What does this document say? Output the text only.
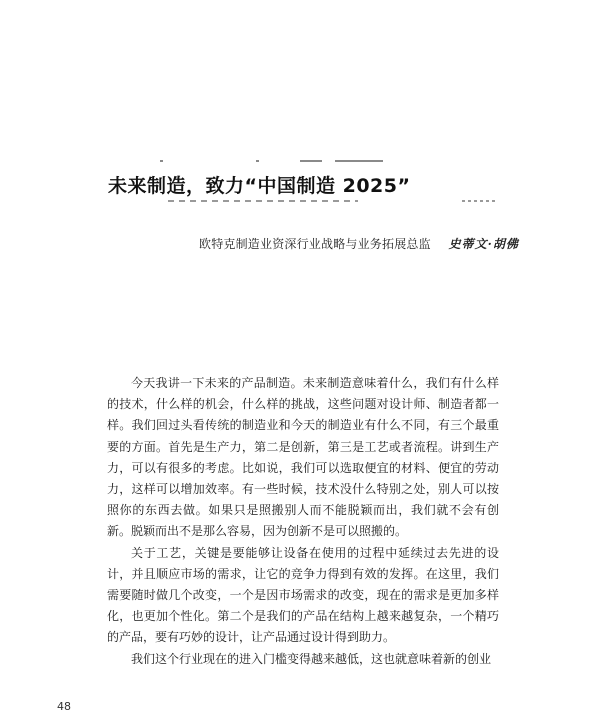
未来制造，致力“中国制造 2025”
欧特克制造业资深行业战略与业务拓展总监 史蒂文·胡佛

今天我讲一下未来的产品制造。未来制造意味着什么，我们有什么样的技术，什么样的机会，什么样的挑战，这些问题对设计师、制造者都一样。我们回过头看传统的制造业和今天的制造业有什么不同，有三个最重要的方面。首先是生产力，第二是创新，第三是工艺或者流程。讲到生产力，可以有很多的考虑。比如说，我们可以选取便宜的材料、便宜的劳动力，这样可以增加效率。有一些时候，技术没什么特别之处，别人可以按照你的东西去做。如果只是照搬别人而不能脱颖而出，我们就不会有创新。脱颖而出不是那么容易，因为创新不是可以照搬的。

关于工艺，关键是要能够让设备在使用的过程中延续过去先进的设计，并且顺应市场的需求，让它的竞争力得到有效的发挥。在这里，我们需要随时做几个改变，一个是因市场需求的改变，现在的需求是更加多样化，也更加个性化。第二个是我们的产品在结构上越来越复杂，一个精巧的产品，要有巧妙的设计，让产品通过设计得到助力。

我们这个行业现在的进入门槛变得越来越低，这也就意味着新的创业

48
